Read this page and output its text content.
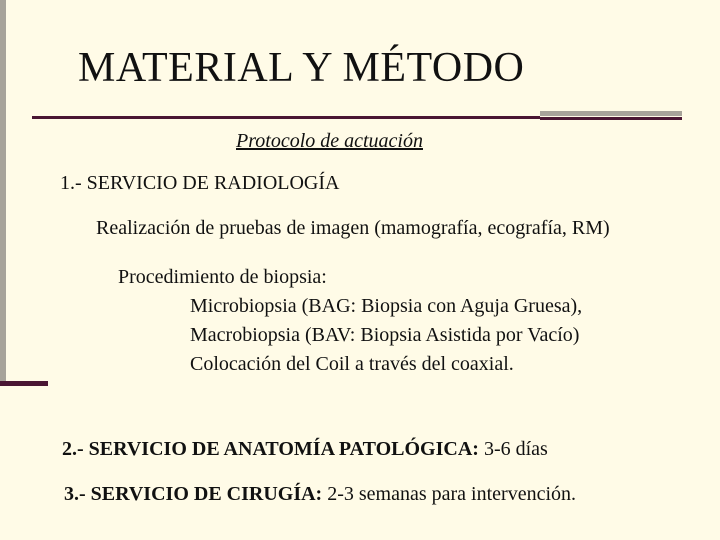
MATERIAL Y MÉTODO
Protocolo de actuación
1.- SERVICIO DE RADIOLOGÍA
Realización de pruebas de imagen (mamografía, ecografía, RM)
Procedimiento de biopsia:
Microbiopsia (BAG: Biopsia con Aguja Gruesa),
Macrobiopsia (BAV: Biopsia Asistida por Vacío)
Colocación del Coil a través del coaxial.
2.- SERVICIO DE ANATOMÍA PATOLÓGICA: 3-6 días
3.- SERVICIO DE CIRUGÍA: 2-3 semanas para intervención.
